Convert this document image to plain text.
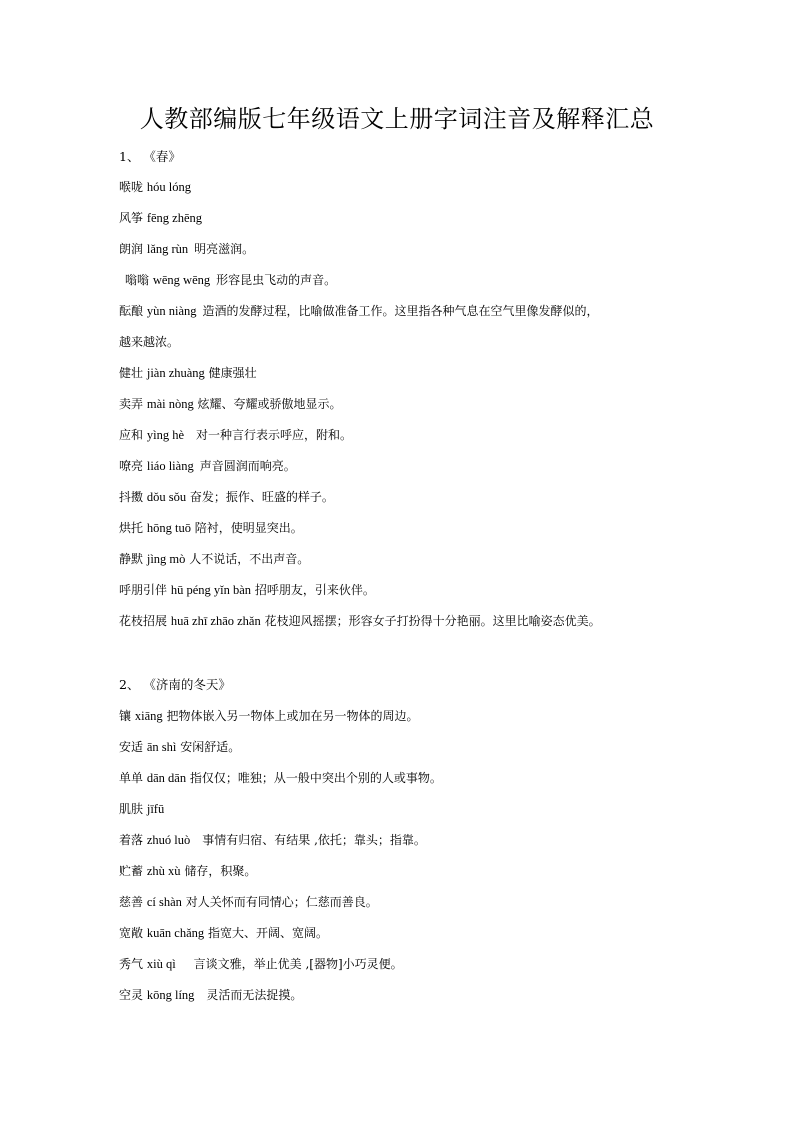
人教部编版七年级语文上册字词注音及解释汇总

1、 《春》

喉咙 hóu lóng

风筝 fēng zhēng

朗润 lǎng rùn 明亮滋润。

嗡嗡 wēng wēng 形容昆虫飞动的声音。

酝酿 yùn niàng 造酒的发酵过程，比喻做准备工作。这里指各种气息在空气里像发酵似的，

越来越浓。

健壮 jiàn zhuàng 健康强壮

卖弄 mài nòng 炫耀、夸耀或骄傲地显示。

应和 yìng hè 对一种言行表示呼应，附和。

嘹亮 liáo liàng 声音圆润而响亮。

抖擞 dǒu sǒu 奋发；振作、旺盛的样子。

烘托 hōng tuō 陪衬，使明显突出。

静默 jìng mò 人不说话，不出声音。

呼朋引伴 hū péng yǐn bàn 招呼朋友，引来伙伴。

花枝招展 huā zhī zhāo zhǎn 花枝迎风摇摆；形容女子打扮得十分艳丽。这里比喻姿态优美。

2、 《济南的冬天》

镶 xiāng 把物体嵌入另一物体上或加在另一物体的周边。

安适 ān shì 安闲舒适。

单单 dān dān 指仅仅；唯独；从一般中突出个别的人或事物。

肌肤 jīfū

着落 zhuó luò 事情有归宿、有结果 ,依托；靠头；指靠。

贮蓄 zhù xù 储存，积聚。

慈善 cí shàn 对人关怀而有同情心；仁慈而善良。

宽敞 kuān chǎng 指宽大、开阔、宽阔。

秀气 xiù qì 言谈文雅，举止优美 ,[器物]小巧灵便。

空灵 kōng líng 灵活而无法捉摸。
